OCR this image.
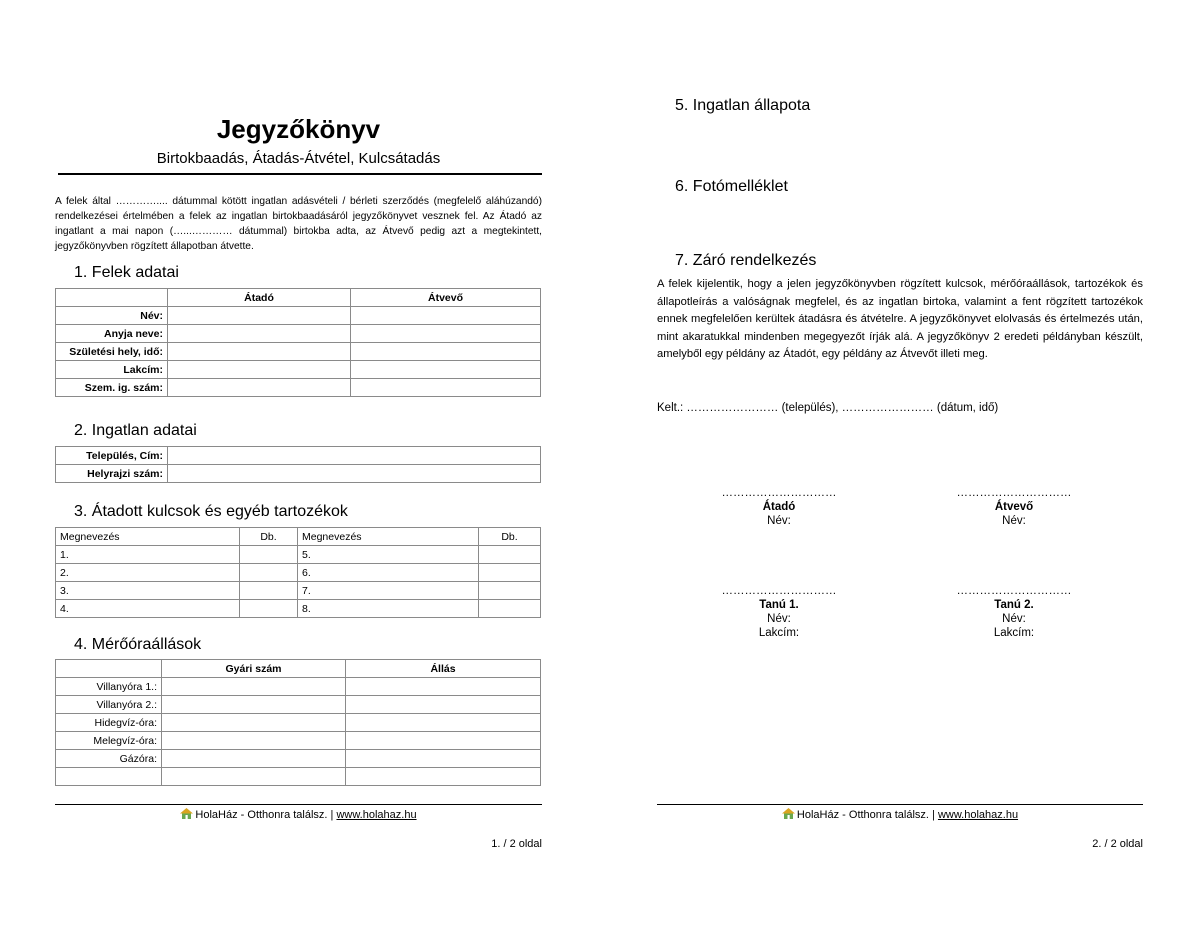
Jegyzőkönyv
Birtokbaadás, Átadás-Átvétel, Kulcsátadás
A felek által ………….... dátummal kötött ingatlan adásvételi / bérleti szerződés (megfelelő aláhúzandó) rendelkezései értelmében a felek az ingatlan birtokbaadásáról jegyzőkönyvet vesznek fel. Az Átadó az ingatlant a mai napon (…...………… dátummal) birtokba adta, az Átvevő pedig azt a megtekintett, jegyzőkönyvben rögzített állapotban átvette.
1. Felek adatai
	Átadó	Átvevő
Név:		
Anyja neve:		
Születési hely, idő:		
Lakcím:		
Szem. ig. szám:		
2. Ingatlan adatai
Település, Cím:	
Helyrajzi szám:	
3. Átadott kulcsok és egyéb tartozékok
Megnevezés	Db.	Megnevezés	Db.
1.		5.	
2.		6.	
3.		7.	
4.		8.	
4. Mérőóraállások
	Gyári szám	Állás
Villanyóra 1.:		
Villanyóra 2.:		
Hidegvíz-óra:		
Melegvíz-óra:		
Gázóra:		

HolaHáz - Otthonra találsz. | www.holahaz.hu
1. / 2 oldal
5. Ingatlan állapota
6. Fotómelléklet
7. Záró rendelkezés
A felek kijelentik, hogy a jelen jegyzőkönyvben rögzített kulcsok, mérőóraállások, tartozékok és állapotleírás a valóságnak megfelel, és az ingatlan birtoka, valamint a fent rögzített tartozékok ennek megfelelően kerültek átadásra és átvételre. A jegyzőkönyvet elolvasás és értelmezés után, mint akaratukkal mindenben megegyezőt írják alá. A jegyzőkönyv 2 eredeti példányban készült, amelyből egy példány az Átadót, egy példány az Átvevőt illeti meg.
Kelt.: …………………… (település), …………………… (dátum, idő)
…………………………
Átadó
Név:
…………………………
Átvevő
Név:
…………………………
Tanú 1.
Név:
Lakcím:
…………………………
Tanú 2.
Név:
Lakcím:
HolaHáz - Otthonra találsz. | www.holahaz.hu
2. / 2 oldal
